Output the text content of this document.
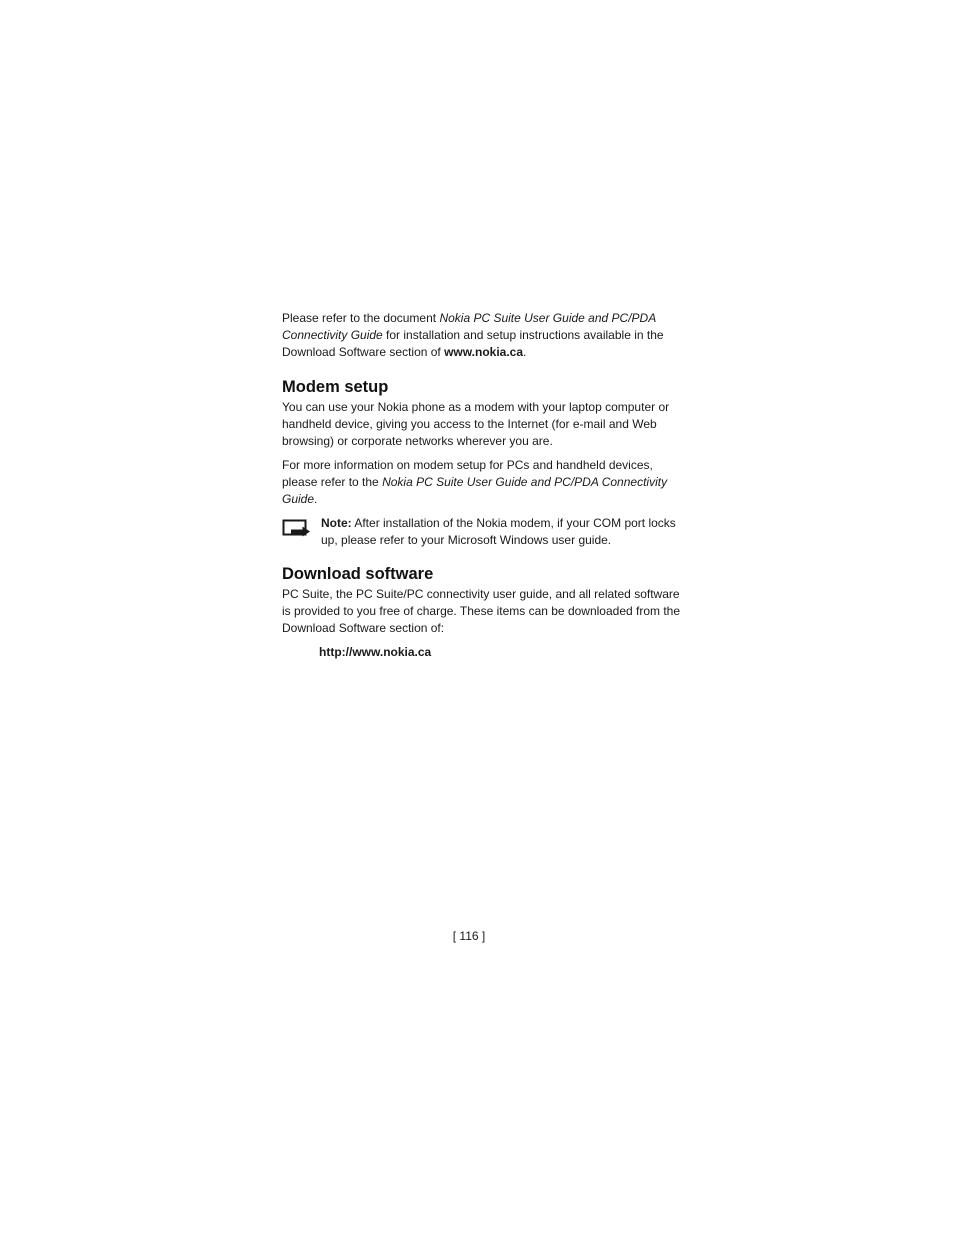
Please refer to the document Nokia PC Suite User Guide and PC/PDA Connectivity Guide for installation and setup instructions available in the Download Software section of www.nokia.ca.

Modem setup

You can use your Nokia phone as a modem with your laptop computer or handheld device, giving you access to the Internet (for e-mail and Web browsing) or corporate networks wherever you are.

For more information on modem setup for PCs and handheld devices, please refer to the Nokia PC Suite User Guide and PC/PDA Connectivity Guide.

Note: After installation of the Nokia modem, if your COM port locks up, please refer to your Microsoft Windows user guide.

Download software

PC Suite, the PC Suite/PC connectivity user guide, and all related software is provided to you free of charge. These items can be downloaded from the Download Software section of:

http://www.nokia.ca
[ 116 ]
